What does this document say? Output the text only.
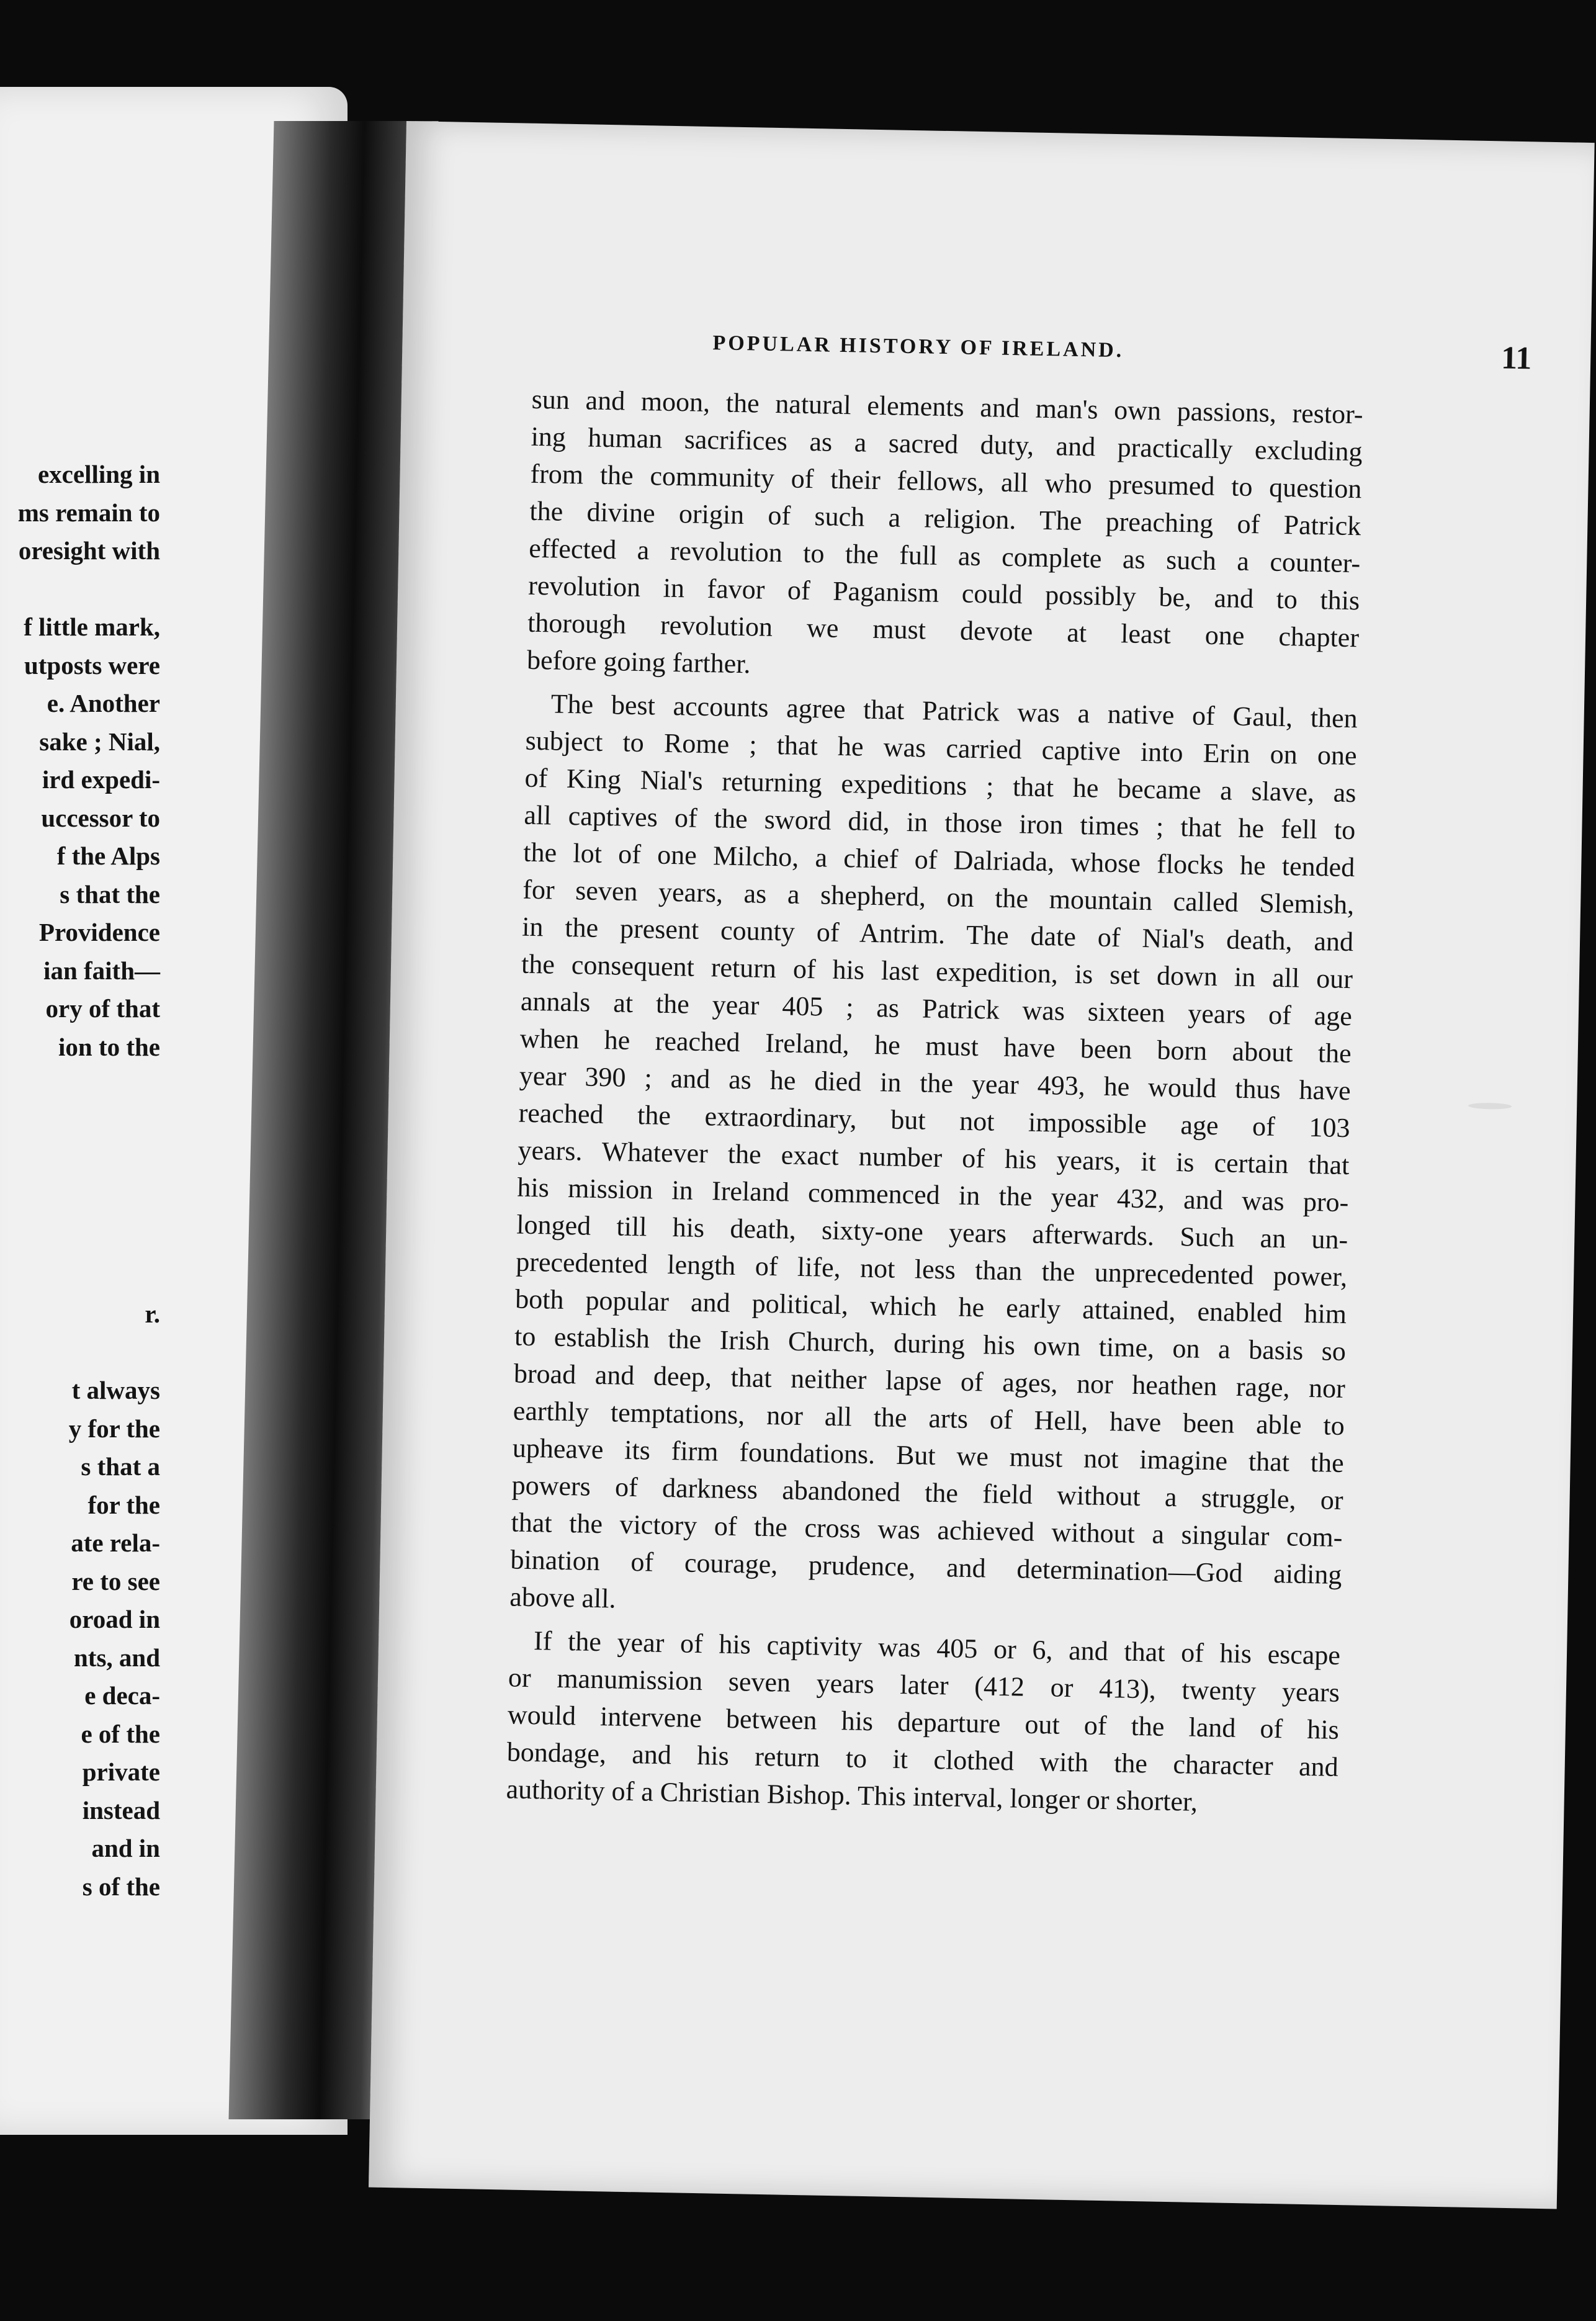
excelling in
ms remain to
oresight with
f little mark,
utposts were
e. Another
sake ; Nial,
ird expedi-
uccessor to
f the Alps
s that the
Providence
ian faith—
ory of that
ion to the
r.
t always
y for the
s that a
for the
ate rela-
re to see
oroad in
nts, and
e deca-
e of the
private
instead
and in
s of the
POPULAR HISTORY OF IRELAND.	11
sun and moon, the natural elements and man's own passions, restor-
ing human sacrifices as a sacred duty, and practically excluding
from the community of their fellows, all who presumed to question
the divine origin of such a religion. The preaching of Patrick
effected a revolution to the full as complete as such a counter-
revolution in favor of Paganism could possibly be, and to this
thorough revolution we must devote at least one chapter
before going farther.
The best accounts agree that Patrick was a native of Gaul, then
subject to Rome ; that he was carried captive into Erin on one
of King Nial's returning expeditions ; that he became a slave, as
all captives of the sword did, in those iron times ; that he fell to
the lot of one Milcho, a chief of Dalriada, whose flocks he tended
for seven years, as a shepherd, on the mountain called Slemish,
in the present county of Antrim. The date of Nial's death, and
the consequent return of his last expedition, is set down in all our
annals at the year 405 ; as Patrick was sixteen years of age
when he reached Ireland, he must have been born about the
year 390 ; and as he died in the year 493, he would thus have
reached the extraordinary, but not impossible age of 103
years. Whatever the exact number of his years, it is certain that
his mission in Ireland commenced in the year 432, and was pro-
longed till his death, sixty-one years afterwards. Such an un-
precedented length of life, not less than the unprecedented power,
both popular and political, which he early attained, enabled him
to establish the Irish Church, during his own time, on a basis so
broad and deep, that neither lapse of ages, nor heathen rage, nor
earthly temptations, nor all the arts of Hell, have been able to
upheave its firm foundations. But we must not imagine that the
powers of darkness abandoned the field without a struggle, or
that the victory of the cross was achieved without a singular com-
bination of courage, prudence, and determination—God aiding
above all.
If the year of his captivity was 405 or 6, and that of his escape
or manumission seven years later (412 or 413), twenty years
would intervene between his departure out of the land of his
bondage, and his return to it clothed with the character and
authority of a Christian Bishop. This interval, longer or shorter,
